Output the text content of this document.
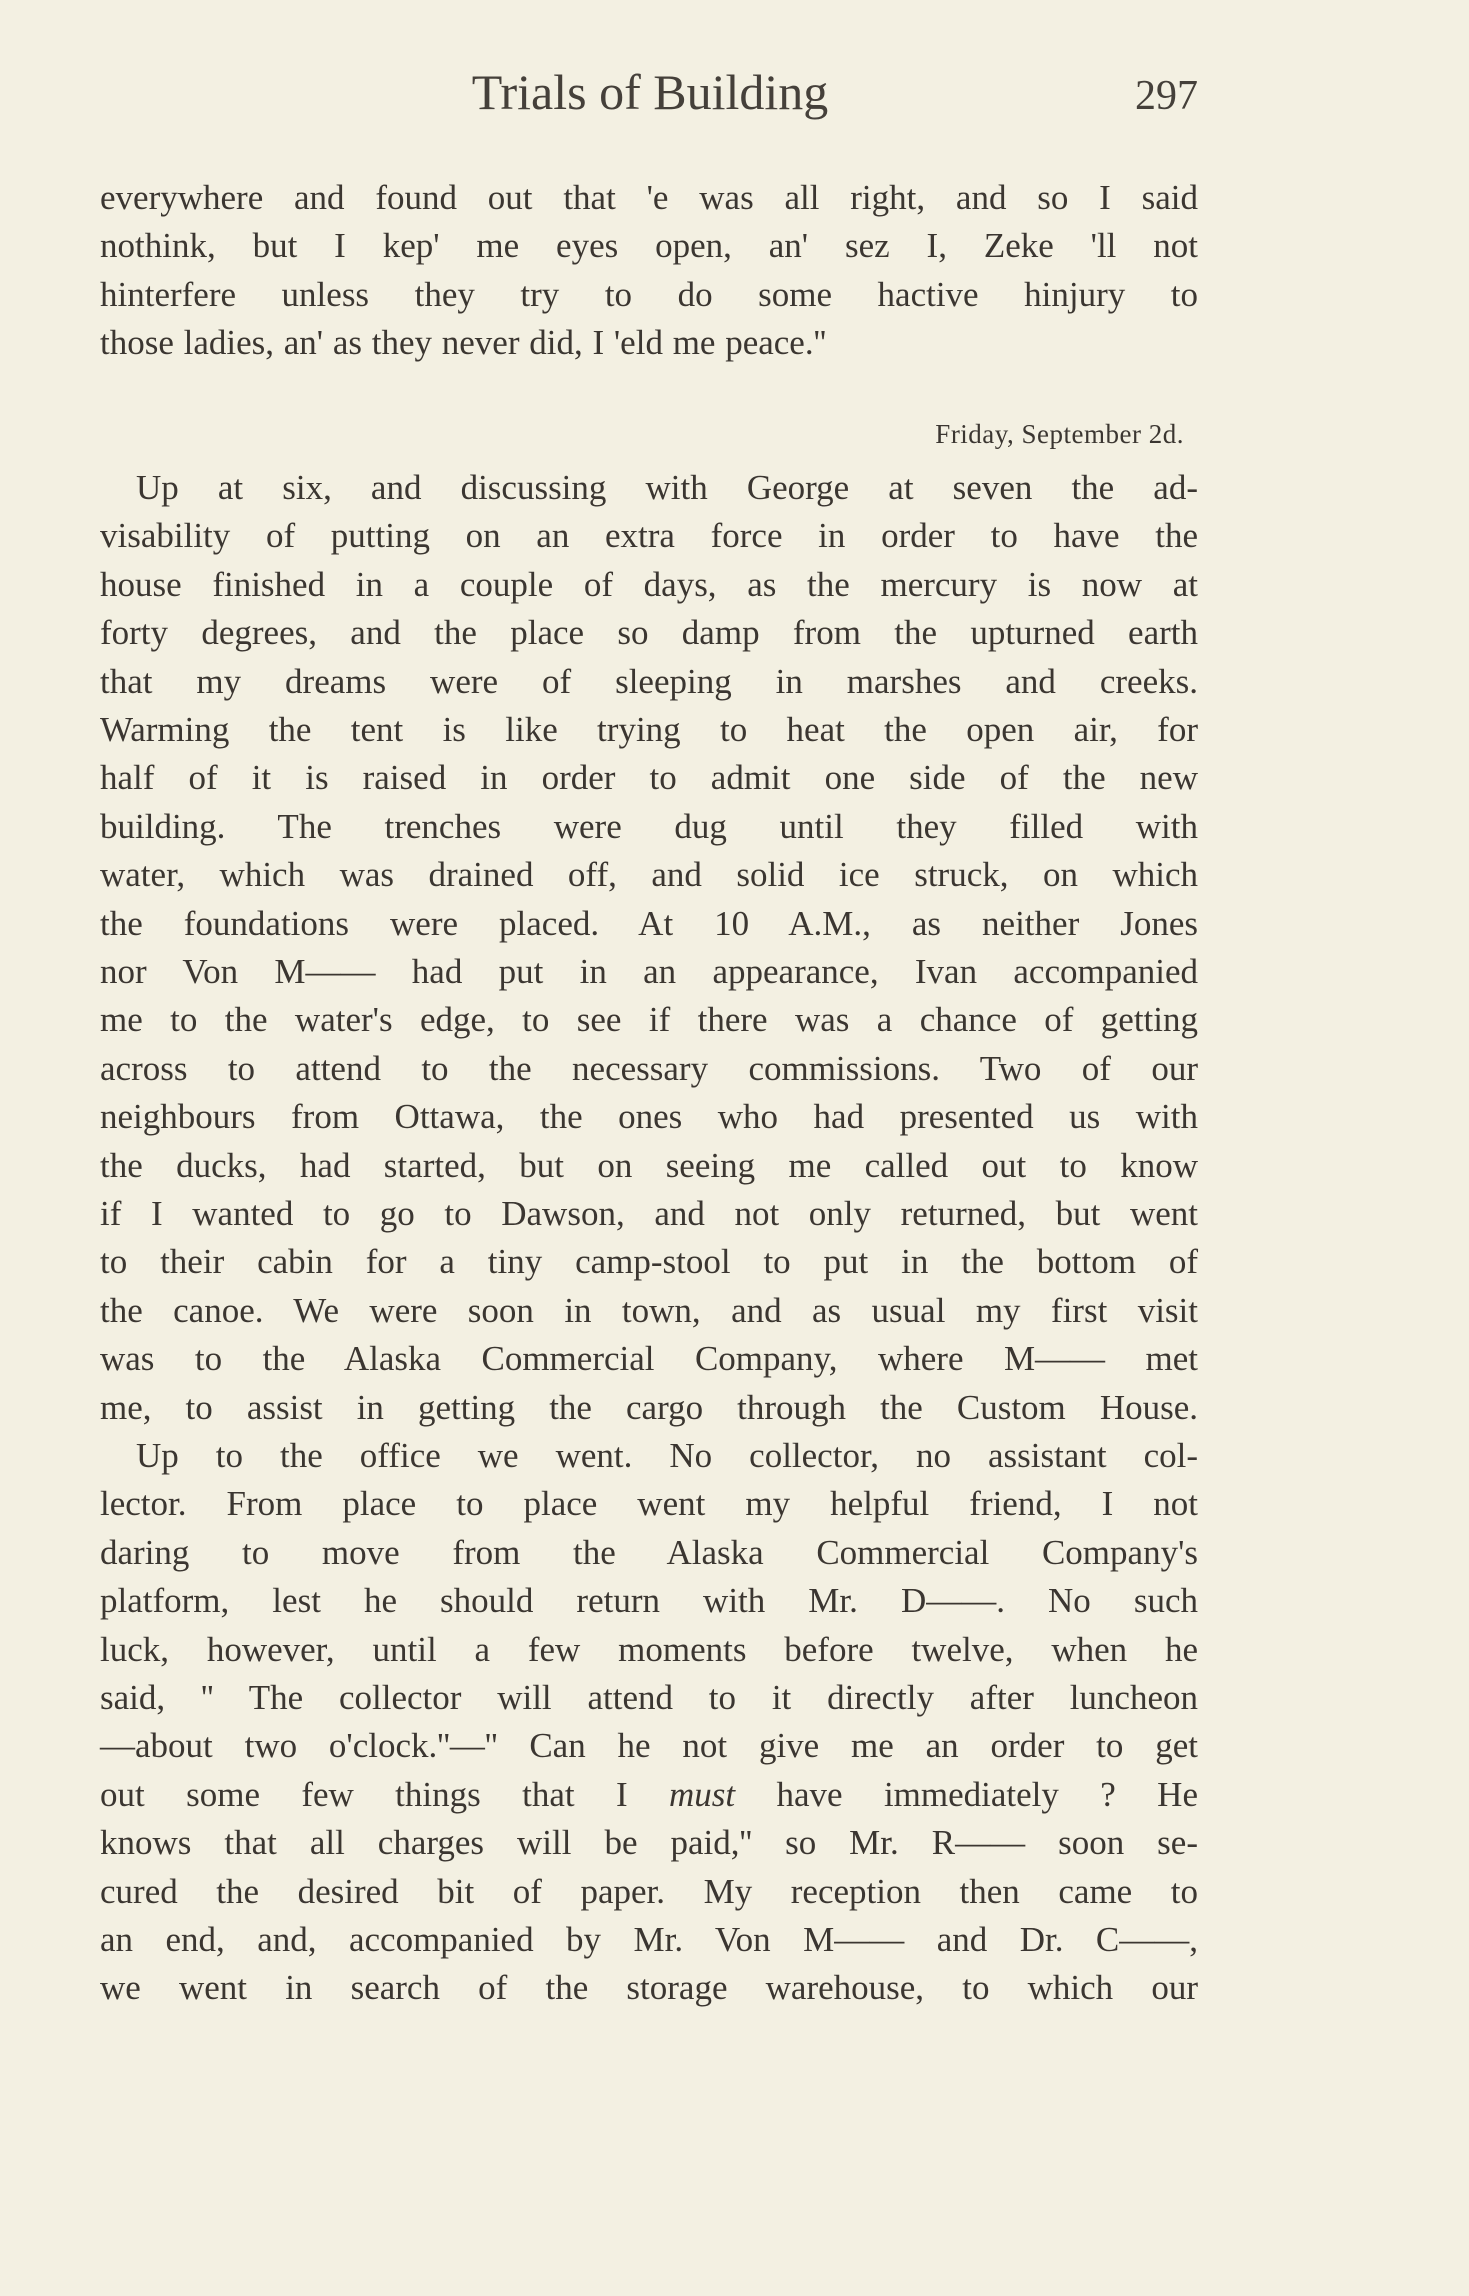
Trials of Building	297
Friday, September 2d.
everywhere and found out that 'e was all right, and so I said
nothink, but I kep' me eyes open, an' sez I, Zeke 'll not
hinterfere unless they try to do some hactive hinjury to
those ladies, an' as they never did, I 'eld me peace.''
Up at six, and discussing with George at seven the ad-
visability of putting on an extra force in order to have the
house finished in a couple of days, as the mercury is now at
forty degrees, and the place so damp from the upturned earth
that my dreams were of sleeping in marshes and creeks.
Warming the tent is like trying to heat the open air, for
half of it is raised in order to admit one side of the new
building. The trenches were dug until they filled with
water, which was drained off, and solid ice struck, on which
the foundations were placed. At 10 A.M., as neither Jones
nor Von M—— had put in an appearance, Ivan accompanied
me to the water's edge, to see if there was a chance of getting
across to attend to the necessary commissions. Two of our
neighbours from Ottawa, the ones who had presented us with
the ducks, had started, but on seeing me called out to know
if I wanted to go to Dawson, and not only returned, but went
to their cabin for a tiny camp-stool to put in the bottom of
the canoe. We were soon in town, and as usual my first visit
was to the Alaska Commercial Company, where M—— met
me, to assist in getting the cargo through the Custom House.
Up to the office we went. No collector, no assistant col-
lector. From place to place went my helpful friend, I not
daring to move from the Alaska Commercial Company's
platform, lest he should return with Mr. D——. No such
luck, however, until a few moments before twelve, when he
said, '' The collector will attend to it directly after luncheon
—about two o'clock.''—'' Can he not give me an order to get
out some few things that I must have immediately ? He
knows that all charges will be paid,'' so Mr. R—— soon se-
cured the desired bit of paper. My reception then came to
an end, and, accompanied by Mr. Von M—— and Dr. C——,
we went in search of the storage warehouse, to which our
